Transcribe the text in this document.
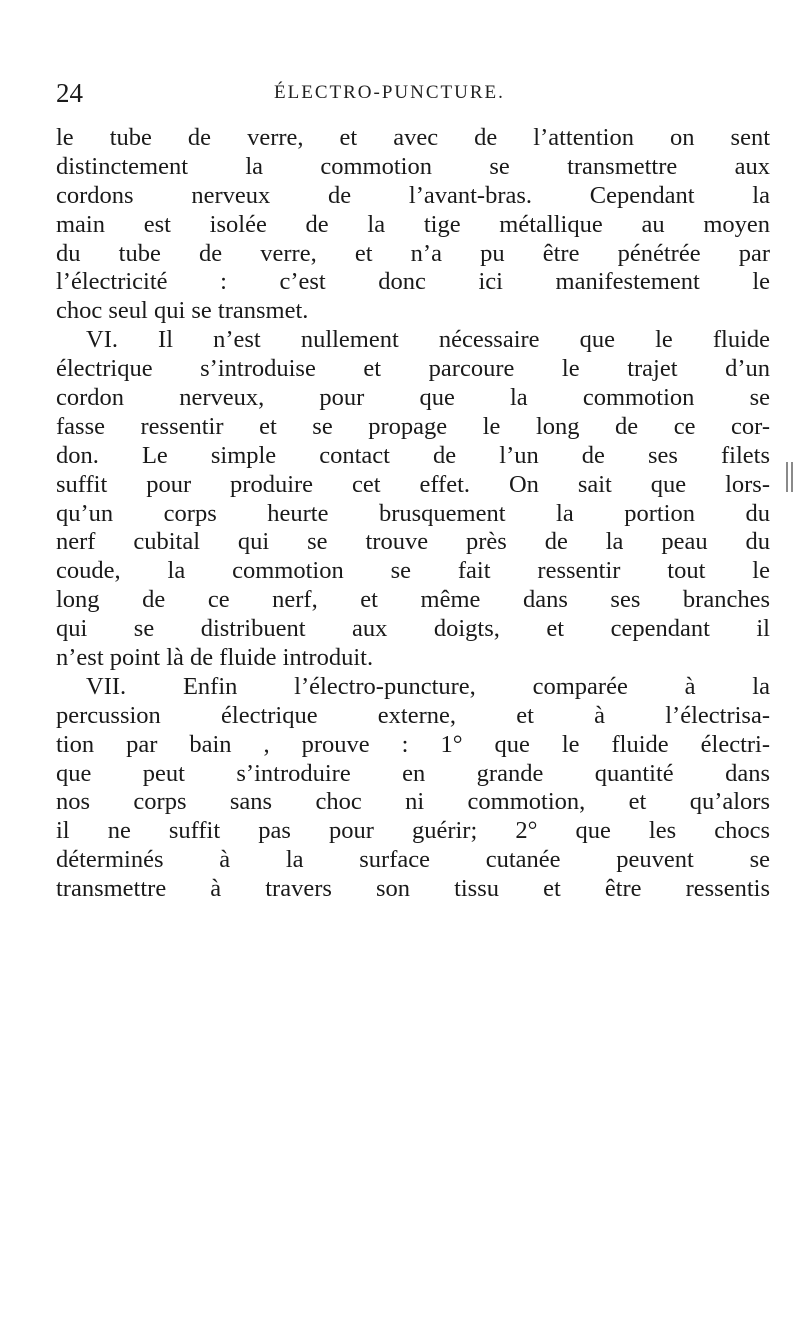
24	ÉLECTRO-PUNCTURE.
le tube de verre, et avec de l’attention on sent
distinctement la commotion se transmettre aux
cordons nerveux de l’avant-bras. Cependant la
main est isolée de la tige métallique au moyen
du tube de verre, et n’a pu être pénétrée par
l’électricité : c’est donc ici manifestement le
choc seul qui se transmet.
VI. Il n’est nullement nécessaire que le fluide
électrique s’introduise et parcoure le trajet d’un
cordon nerveux, pour que la commotion se
fasse ressentir et se propage le long de ce cor-
don. Le simple contact de l’un de ses filets
suffit pour produire cet effet. On sait que lors-
qu’un corps heurte brusquement la portion du
nerf cubital qui se trouve près de la peau du
coude, la commotion se fait ressentir tout le
long de ce nerf, et même dans ses branches
qui se distribuent aux doigts, et cependant il
n’est point là de fluide introduit.
VII. Enfin l’électro-puncture, comparée à la
percussion électrique externe, et à l’électrisa-
tion par bain , prouve : 1° que le fluide électri-
que peut s’introduire en grande quantité dans
nos corps sans choc ni commotion, et qu’alors
il ne suffit pas pour guérir; 2° que les chocs
déterminés à la surface cutanée peuvent se
transmettre à travers son tissu et être ressentis
